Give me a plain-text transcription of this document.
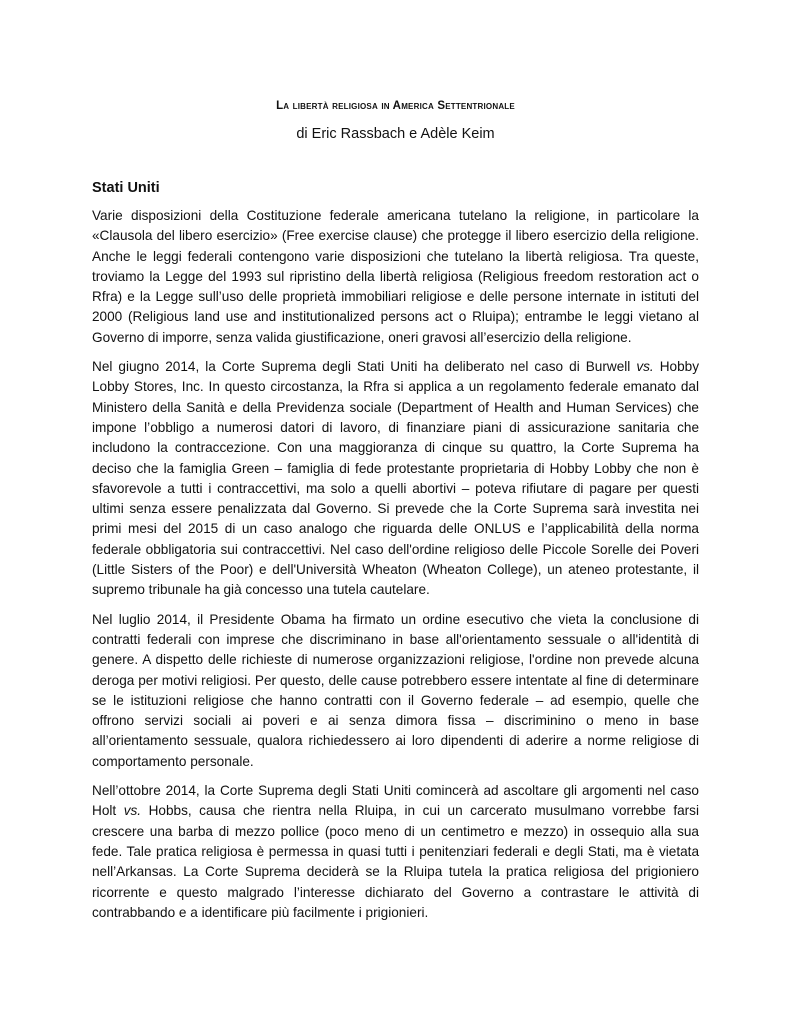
La libertà religiosa in America Settentrionale
di Eric Rassbach e Adèle Keim
Stati Uniti

Varie disposizioni della Costituzione federale americana tutelano la religione, in particolare la «Clausola del libero esercizio» (Free exercise clause) che protegge il libero esercizio della religione. Anche le leggi federali contengono varie disposizioni che tutelano la libertà religiosa. Tra queste, troviamo la Legge del 1993 sul ripristino della libertà religiosa (Religious freedom restoration act o Rfra) e la Legge sull’uso delle proprietà immobiliari religiose e delle persone internate in istituti del 2000 (Religious land use and institutionalized persons act o Rluipa); entrambe le leggi vietano al Governo di imporre, senza valida giustificazione, oneri gravosi all’esercizio della religione.

Nel giugno 2014, la Corte Suprema degli Stati Uniti ha deliberato nel caso di Burwell vs. Hobby Lobby Stores, Inc. In questo circostanza, la Rfra si applica a un regolamento federale emanato dal Ministero della Sanità e della Previdenza sociale (Department of Health and Human Services) che impone l’obbligo a numerosi datori di lavoro, di finanziare piani di assicurazione sanitaria che includono la contraccezione. Con una maggioranza di cinque su quattro, la Corte Suprema ha deciso che la famiglia Green – famiglia di fede protestante proprietaria di Hobby Lobby che non è sfavorevole a tutti i contraccettivi, ma solo a quelli abortivi – poteva rifiutare di pagare per questi ultimi senza essere penalizzata dal Governo. Si prevede che la Corte Suprema sarà investita nei primi mesi del 2015 di un caso analogo che riguarda delle ONLUS e l’applicabilità della norma federale obbligatoria sui contraccettivi. Nel caso dell'ordine religioso delle Piccole Sorelle dei Poveri (Little Sisters of the Poor) e dell'Università Wheaton (Wheaton College), un ateneo protestante, il supremo tribunale ha già concesso una tutela cautelare.

Nel luglio 2014, il Presidente Obama ha firmato un ordine esecutivo che vieta la conclusione di contratti federali con imprese che discriminano in base all'orientamento sessuale o all'identità di genere. A dispetto delle richieste di numerose organizzazioni religiose, l'ordine non prevede alcuna deroga per motivi religiosi. Per questo, delle cause potrebbero essere intentate al fine di determinare se le istituzioni religiose che hanno contratti con il Governo federale – ad esempio, quelle che offrono servizi sociali ai poveri e ai senza dimora fissa – discriminino o meno in base all’orientamento sessuale, qualora richiedessero ai loro dipendenti di aderire a norme religiose di comportamento personale.

Nell’ottobre 2014, la Corte Suprema degli Stati Uniti comincerà ad ascoltare gli argomenti nel caso Holt vs. Hobbs, causa che rientra nella Rluipa, in cui un carcerato musulmano vorrebbe farsi crescere una barba di mezzo pollice (poco meno di un centimetro e mezzo) in ossequio alla sua fede. Tale pratica religiosa è permessa in quasi tutti i penitenziari federali e degli Stati, ma è vietata nell’Arkansas. La Corte Suprema deciderà se la Rluipa tutela la pratica religiosa del prigioniero ricorrente e questo malgrado l’interesse dichiarato del Governo a contrastare le attività di contrabbando e a identificare più facilmente i prigionieri.
